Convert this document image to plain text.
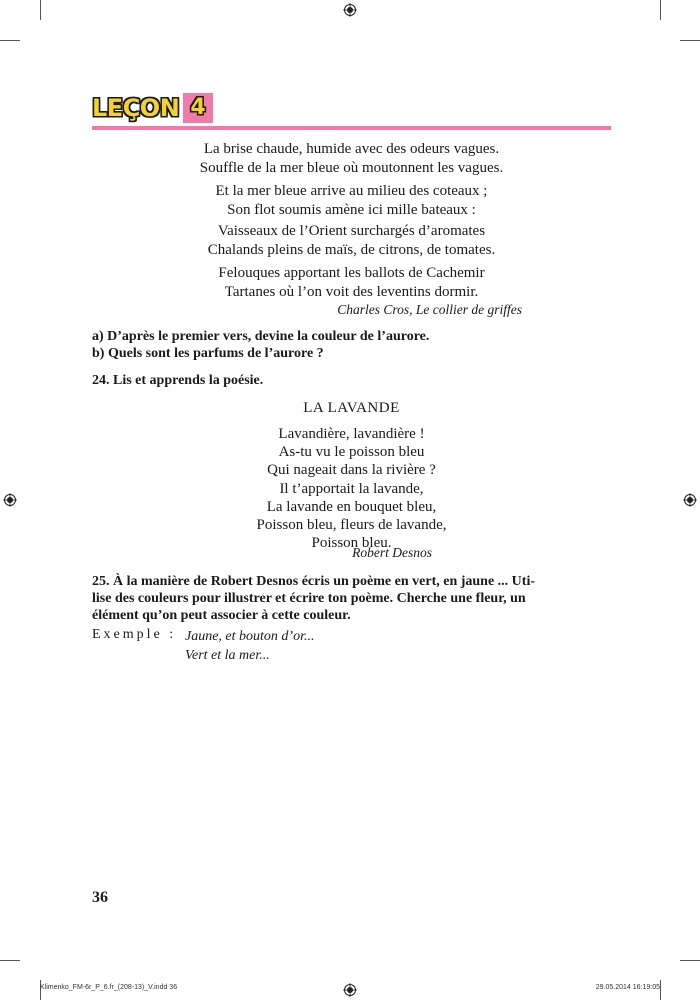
LEÇON 4
La brise chaude, humide avec des odeurs vagues.
Souffle de la mer bleue où moutonnent les vagues.
Et la mer bleue arrive au milieu des coteaux ;
Son flot soumis amène ici mille bateaux :
Vaisseaux de l’Orient surchargés d’aromates
Chalands pleins de maïs, de citrons, de tomates.
Felouques apportant les ballots de Cachemir
Tartanes où l’on voit des leventins dormir.
Charles Cros, Le collier de griffes
a) D’après le premier vers, devine la couleur de l’aurore.
b) Quels sont les parfums de l’aurore ?
24. Lis et apprends la poésie.
LA LAVANDE
Lavandière, lavandière !
As-tu vu le poisson bleu
Qui nageait dans la rivière ?
Il t’apportait la lavande,
La lavande en bouquet bleu,
Poisson bleu, fleurs de lavande,
Poisson bleu.
Robert Desnos
25. À la manière de Robert Desnos écris un poème en vert, en jaune ... Uti-
lise des couleurs pour illustrer et écrire ton poème. Cherche une fleur, un
élément qu’on peut associer à cette couleur.
Exemple : Jaune, et bouton d’or...
Vert et la mer...
36
Klimenko_FM-6r_P_6.fr_(208-13)_V.indd 36	29.05.2014 16:19:05
